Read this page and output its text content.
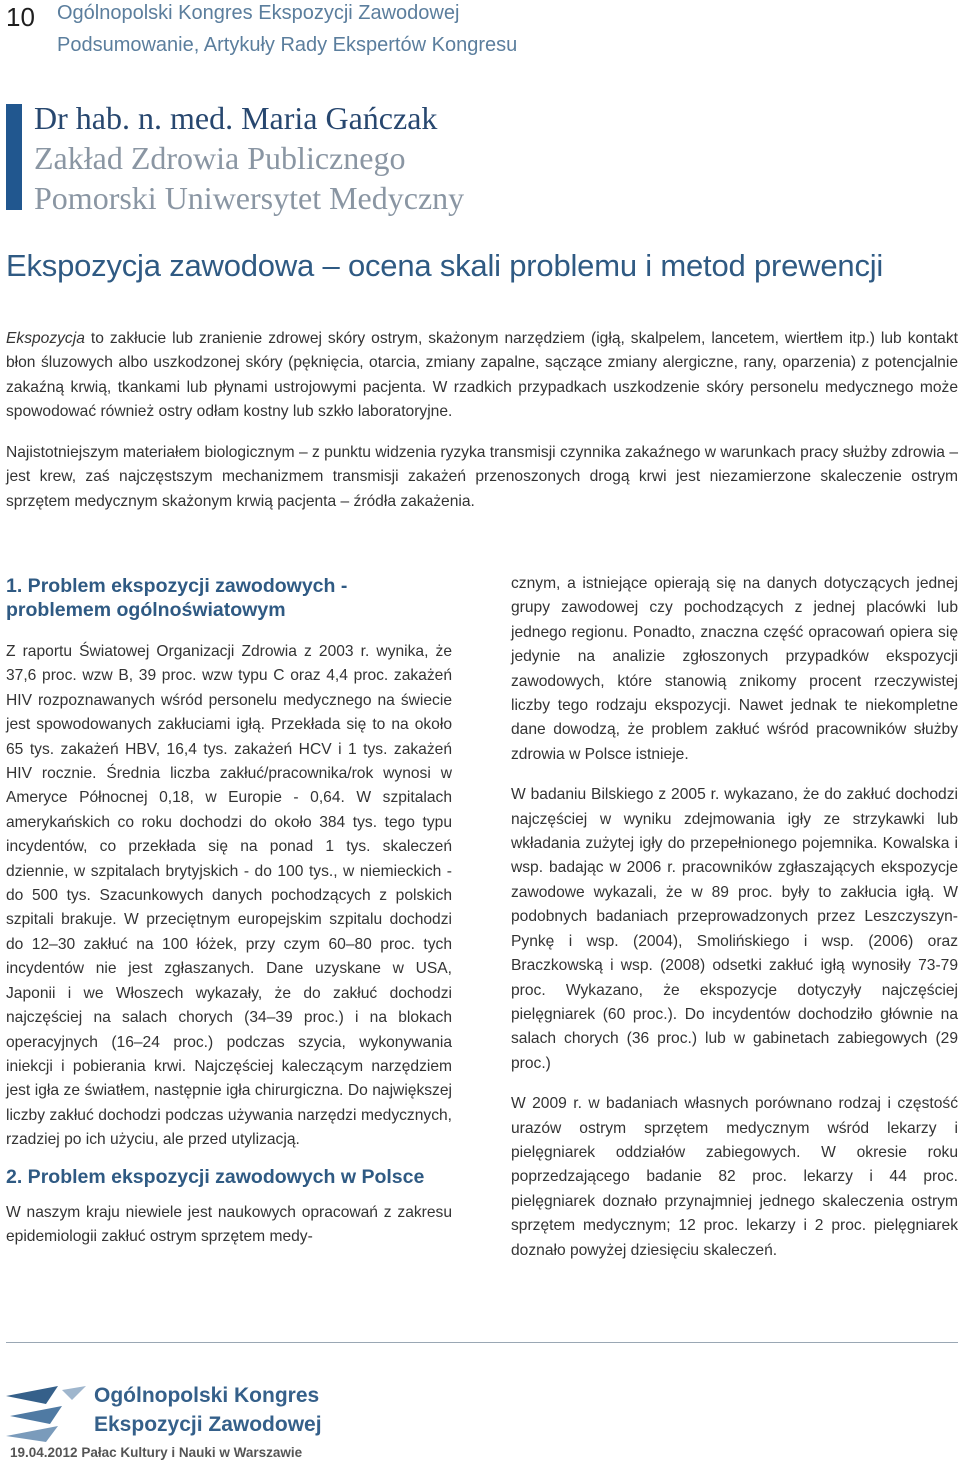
10 Ogólnopolski Kongres Ekspozycji Zawodowej
Podsumowanie, Artykuły Rady Ekspertów Kongresu
Dr hab. n. med. Maria Gańczak
Zakład Zdrowia Publicznego
Pomorski Uniwersytet Medyczny
Ekspozycja zawodowa – ocena skali problemu i metod prewencji

Ekspozycja to zakłucie lub zranienie zdrowej skóry ostrym, skażonym narzędziem (igłą, skalpelem, lancetem, wiertłem itp.) lub kontakt błon śluzowych albo uszkodzonej skóry (pęknięcia, otarcia, zmiany zapalne, sączące zmiany alergiczne, rany, oparzenia) z potencjalnie zakaźną krwią, tkankami lub płynami ustrojowymi pacjenta. W rzadkich przypadkach uszkodzenie skóry personelu medycznego może spowodować również ostry odłam kostny lub szkło laboratoryjne.

Najistotniejszym materiałem biologicznym – z punktu widzenia ryzyka transmisji czynnika zakaźnego w warunkach pracy służby zdrowia – jest krew, zaś najczęstszym mechanizmem transmisji zakażeń przenoszonych drogą krwi jest niezamierzone skaleczenie ostrym sprzętem medycznym skażonym krwią pacjenta – źródła zakażenia.

1. Problem ekspozycji zawodowych - problemem ogólnoświatowym

Z raportu Światowej Organizacji Zdrowia z 2003 r. wynika, że 37,6 proc. wzw B, 39 proc. wzw typu C oraz 4,4 proc. zakażeń HIV rozpoznawanych wśród personelu medycznego na świecie jest spowodowanych zakłuciami igłą. Przekłada się to na około 65 tys. zakażeń HBV, 16,4 tys. zakażeń HCV i 1 tys. zakażeń HIV rocznie. Średnia liczba zakłuć/pracownika/rok wynosi w Ameryce Północnej 0,18, w Europie - 0,64. W szpitalach amerykańskich co roku dochodzi do około 384 tys. tego typu incydentów, co przekłada się na ponad 1 tys. skaleczeń dziennie, w szpitalach brytyjskich - do 100 tys., w niemieckich - do 500 tys. Szacunkowych danych pochodzących z polskich szpitali brakuje. W przeciętnym europejskim szpitalu dochodzi do 12–30 zakłuć na 100 łóżek, przy czym 60–80 proc. tych incydentów nie jest zgłaszanych. Dane uzyskane w USA, Japonii i we Włoszech wykazały, że do zakłuć dochodzi najczęściej na salach chorych (34–39 proc.) i na blokach operacyjnych (16–24 proc.) podczas szycia, wykonywania iniekcji i pobierania krwi. Najczęściej kaleczącym narzędziem jest igła ze światłem, następnie igła chirurgiczna. Do największej liczby zakłuć dochodzi podczas używania narzędzi medycznych, rzadziej po ich użyciu, ale przed utylizacją.

2. Problem ekspozycji zawodowych w Polsce

W naszym kraju niewiele jest naukowych opracowań z zakresu epidemiologii zakłuć ostrym sprzętem medy-

cznym, a istniejące opierają się na danych dotyczących jednej grupy zawodowej czy pochodzących z jednej placówki lub jednego regionu. Ponadto, znaczna część opracowań opiera się jedynie na analizie zgłoszonych przypadków ekspozycji zawodowych, które stanowią znikomy procent rzeczywistej liczby tego rodzaju ekspozycji. Nawet jednak te niekompletne dane dowodzą, że problem zakłuć wśród pracowników służby zdrowia w Polsce istnieje.

W badaniu Bilskiego z 2005 r. wykazano, że do zakłuć dochodzi najczęściej w wyniku zdejmowania igły ze strzykawki lub wkładania zużytej igły do przepełnionego pojemnika. Kowalska i wsp. badając w 2006 r. pracowników zgłaszających ekspozycje zawodowe wykazali, że w 89 proc. były to zakłucia igłą. W podobnych badaniach przeprowadzonych przez Leszczyszyn-Pynkę i wsp. (2004), Smolińskiego i wsp. (2006) oraz Braczkowską i wsp. (2008) odsetki zakłuć igłą wynosiły 73-79 proc. Wykazano, że ekspozycje dotyczyły najczęściej pielęgniarek (60 proc.). Do incydentów dochodziło głównie na salach chorych (36 proc.) lub w gabinetach zabiegowych (29 proc.)

W 2009 r. w badaniach własnych porównano rodzaj i częstość urazów ostrym sprzętem medycznym wśród lekarzy i pielęgniarek oddziałów zabiegowych. W okresie roku poprzedzającego badanie 82 proc. lekarzy i 44 proc. pielęgniarek doznało przynajmniej jednego skaleczenia ostrym sprzętem medycznym; 12 proc. lekarzy i 2 proc. pielęgniarek doznało powyżej dziesięciu skaleczeń.

Ogólnopolski Kongres
Ekspozycji Zawodowej
19.04.2012 Pałac Kultury i Nauki w Warszawie
